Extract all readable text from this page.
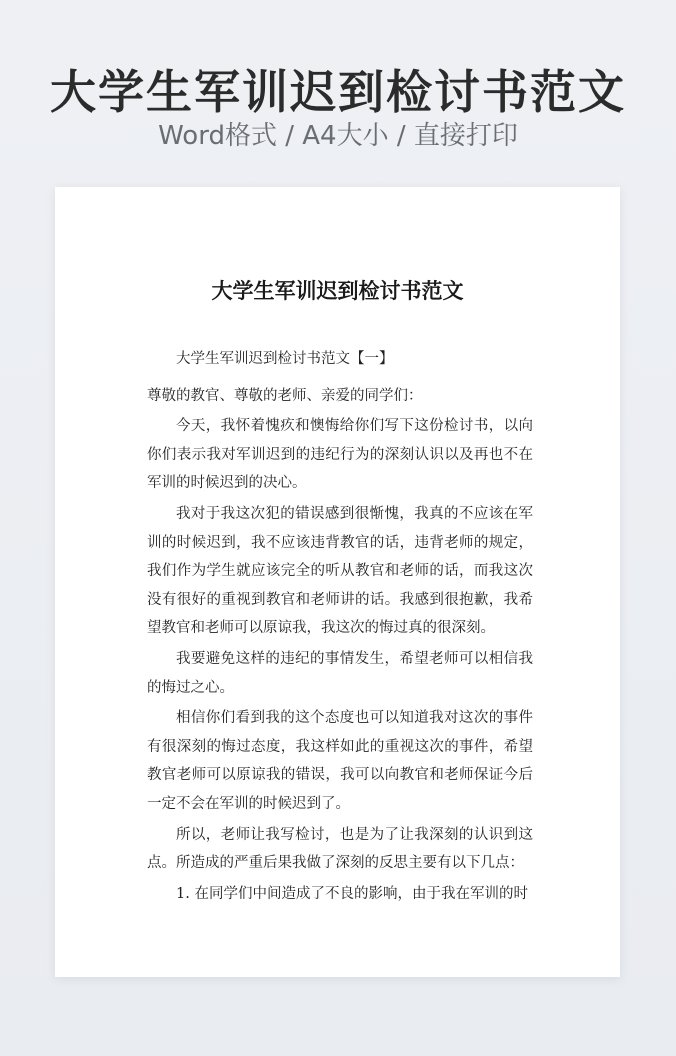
大学生军训迟到检讨书范文
Word格式 / A4大小 / 直接打印
大学生军训迟到检讨书范文

大学生军训迟到检讨书范文【一】

尊敬的教官、尊敬的老师、亲爱的同学们：

今天，我怀着愧疚和懊悔给你们写下这份检讨书，以向你们表示我对军训迟到的违纪行为的深刻认识以及再也不在军训的时候迟到的决心。

我对于我这次犯的错误感到很惭愧，我真的不应该在军训的时候迟到，我不应该违背教官的话，违背老师的规定，我们作为学生就应该完全的听从教官和老师的话，而我这次没有很好的重视到教官和老师讲的话。我感到很抱歉，我希望教官和老师可以原谅我，我这次的悔过真的很深刻。

我要避免这样的违纪的事情发生，希望老师可以相信我的悔过之心。

相信你们看到我的这个态度也可以知道我对这次的事件有很深刻的悔过态度，我这样如此的重视这次的事件，希望教官老师可以原谅我的错误，我可以向教官和老师保证今后一定不会在军训的时候迟到了。

所以，老师让我写检讨，也是为了让我深刻的认识到这点。所造成的严重后果我做了深刻的反思主要有以下几点：

1. 在同学们中间造成了不良的影响，由于我在军训的时
